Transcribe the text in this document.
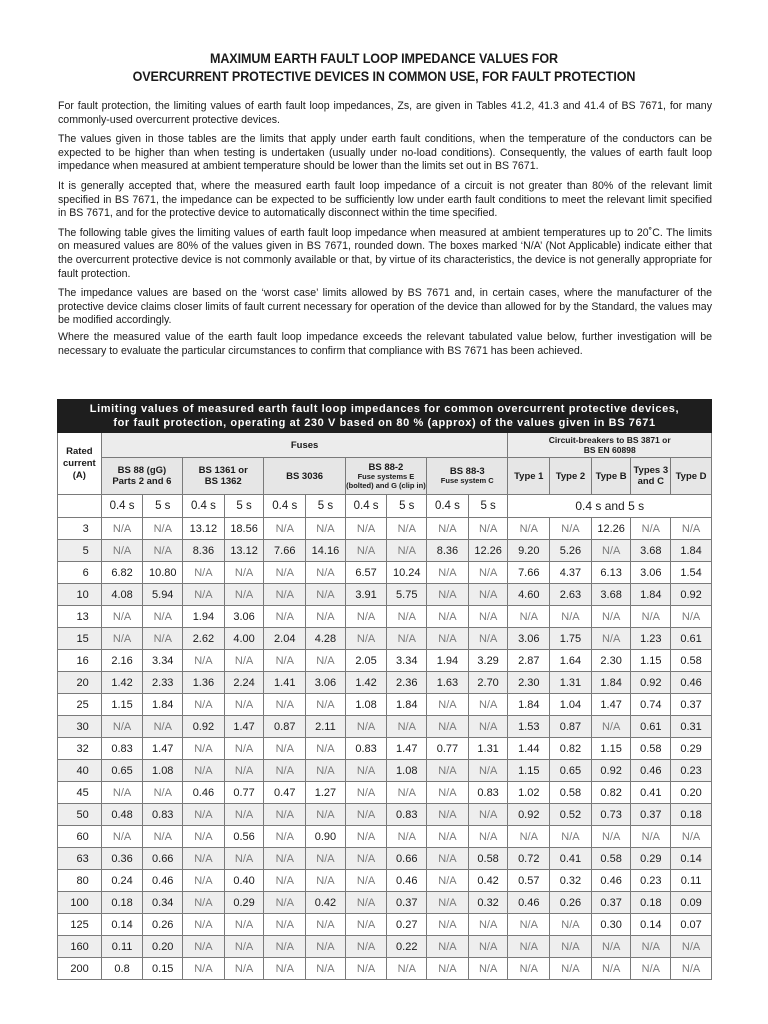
MAXIMUM EARTH FAULT LOOP IMPEDANCE VALUES FOR
OVERCURRENT PROTECTIVE DEVICES IN COMMON USE, FOR FAULT PROTECTION

For fault protection, the limiting values of earth fault loop impedances, Zs, are given in Tables 41.2, 41.3 and 41.4 of BS 7671, for many commonly-used overcurrent protective devices.

The values given in those tables are the limits that apply under earth fault conditions, when the temperature of the conductors can be expected to be higher than when testing is undertaken (usually under no-load conditions). Consequently, the values of earth fault loop impedance when measured at ambient temperature should be lower than the limits set out in BS 7671.

It is generally accepted that, where the measured earth fault loop impedance of a circuit is not greater than 80% of the relevant limit specified in BS 7671, the impedance can be expected to be sufficiently low under earth fault conditions to meet the relevant limit specified in BS 7671, and for the protective device to automatically disconnect within the time specified.

The following table gives the limiting values of earth fault loop impedance when measured at ambient temperatures up to 20˚C. The limits on measured values are 80% of the values given in BS 7671, rounded down. The boxes marked ‘N/A’ (Not Applicable) indicate either that the overcurrent protective device is not commonly available or that, by virtue of its characteristics, the device is not generally appropriate for fault protection.

The impedance values are based on the ‘worst case’ limits allowed by BS 7671 and, in certain cases, where the manufacturer of the protective device claims closer limits of fault current necessary for operation of the device than allowed for by the Standard, the values may be modified accordingly.

Where the measured value of the earth fault loop impedance exceeds the relevant tabulated value below, further investigation will be necessary to evaluate the particular circumstances to confirm that compliance with BS 7671 has been achieved.

Limiting values of measured earth fault loop impedances for common overcurrent protective devices,
for fault protection, operating at 230 V based on 80 % (approx) of the values given in BS 7671															

Rated current (A)	Fuses										Circuit-breakers to BS 3871 or
BS EN 60898				

	BS 88 (gG)
Parts 2 and 6		BS 1361 or
BS 1362		BS 3036		BS 88-2
Fuse systems E (bolted) and G (clip in)		BS 88-3
Fuse system C		Type 1	Type 2	Type B	Types 3 and C	Type D
	0.4 s	5 s	0.4 s	5 s	0.4 s	5 s	0.4 s	5 s	0.4 s	5 s	0.4 s and 5 s				
3	N/A	N/A	13.12	18.56	N/A	N/A	N/A	N/A	N/A	N/A	N/A	N/A	12.26	N/A	N/A
5	N/A	N/A	8.36	13.12	7.66	14.16	N/A	N/A	8.36	12.26	9.20	5.26	N/A	3.68	1.84
6	6.82	10.80	N/A	N/A	N/A	N/A	6.57	10.24	N/A	N/A	7.66	4.37	6.13	3.06	1.54
10	4.08	5.94	N/A	N/A	N/A	N/A	3.91	5.75	N/A	N/A	4.60	2.63	3.68	1.84	0.92
13	N/A	N/A	1.94	3.06	N/A	N/A	N/A	N/A	N/A	N/A	N/A	N/A	N/A	N/A	N/A
15	N/A	N/A	2.62	4.00	2.04	4.28	N/A	N/A	N/A	N/A	3.06	1.75	N/A	1.23	0.61
16	2.16	3.34	N/A	N/A	N/A	N/A	2.05	3.34	1.94	3.29	2.87	1.64	2.30	1.15	0.58
20	1.42	2.33	1.36	2.24	1.41	3.06	1.42	2.36	1.63	2.70	2.30	1.31	1.84	0.92	0.46
25	1.15	1.84	N/A	N/A	N/A	N/A	1.08	1.84	N/A	N/A	1.84	1.04	1.47	0.74	0.37
30	N/A	N/A	0.92	1.47	0.87	2.11	N/A	N/A	N/A	N/A	1.53	0.87	N/A	0.61	0.31
32	0.83	1.47	N/A	N/A	N/A	N/A	0.83	1.47	0.77	1.31	1.44	0.82	1.15	0.58	0.29
40	0.65	1.08	N/A	N/A	N/A	N/A	N/A	1.08	N/A	N/A	1.15	0.65	0.92	0.46	0.23
45	N/A	N/A	0.46	0.77	0.47	1.27	N/A	N/A	N/A	0.83	1.02	0.58	0.82	0.41	0.20
50	0.48	0.83	N/A	N/A	N/A	N/A	N/A	0.83	N/A	N/A	0.92	0.52	0.73	0.37	0.18
60	N/A	N/A	N/A	0.56	N/A	0.90	N/A	N/A	N/A	N/A	N/A	N/A	N/A	N/A	N/A
63	0.36	0.66	N/A	N/A	N/A	N/A	N/A	0.66	N/A	0.58	0.72	0.41	0.58	0.29	0.14
80	0.24	0.46	N/A	0.40	N/A	N/A	N/A	0.46	N/A	0.42	0.57	0.32	0.46	0.23	0.11
100	0.18	0.34	N/A	0.29	N/A	0.42	N/A	0.37	N/A	0.32	0.46	0.26	0.37	0.18	0.09
125	0.14	0.26	N/A	N/A	N/A	N/A	N/A	0.27	N/A	N/A	N/A	N/A	0.30	0.14	0.07
160	0.11	0.20	N/A	N/A	N/A	N/A	N/A	0.22	N/A	N/A	N/A	N/A	N/A	N/A	N/A
200	0.8	0.15	N/A	N/A	N/A	N/A	N/A	N/A	N/A	N/A	N/A	N/A	N/A	N/A	N/A
